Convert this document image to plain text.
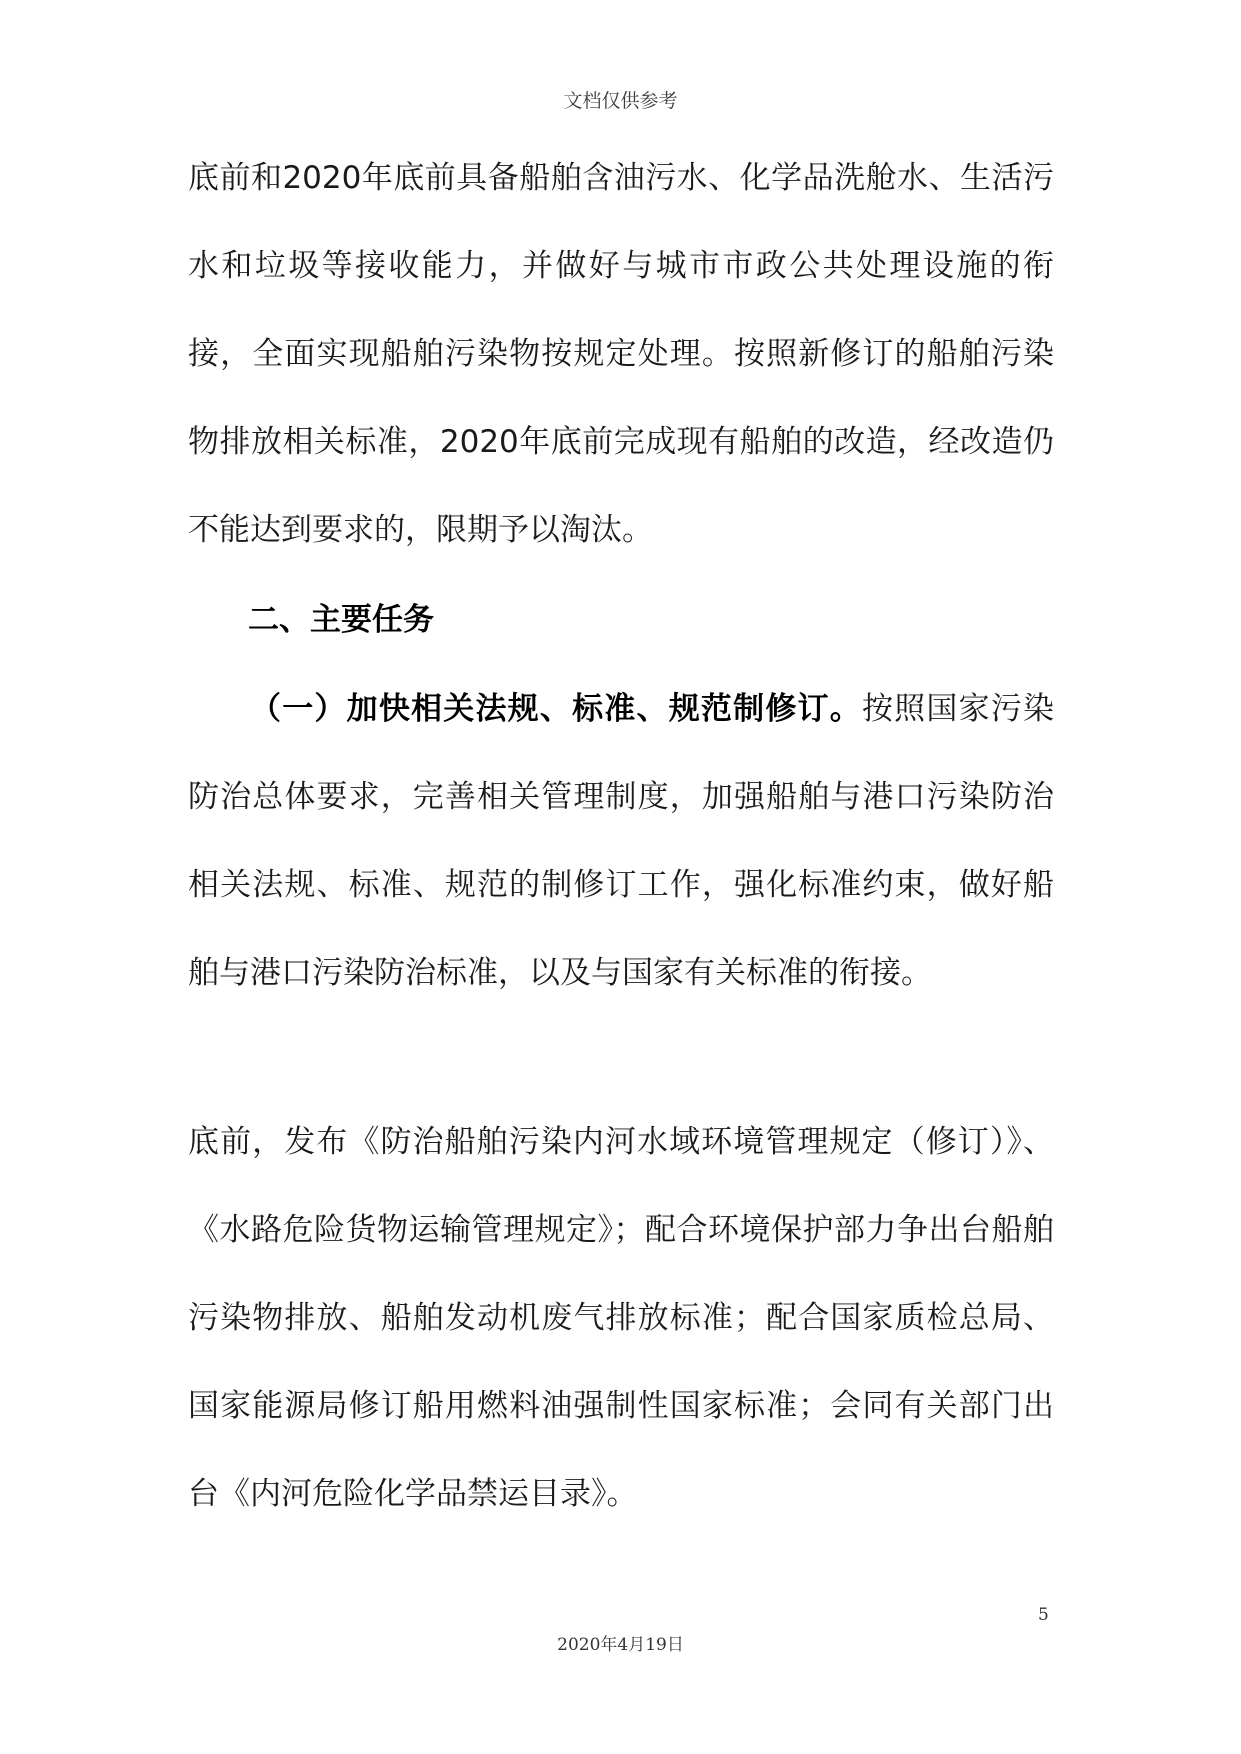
文档仅供参考

底前和2020年底前具备船舶含油污水、化学品洗舱水、生活污水和垃圾等接收能力，并做好与城市市政公共处理设施的衔接，全面实现船舶污染物按规定处理。按照新修订的船舶污染物排放相关标准，2020年底前完成现有船舶的改造，经改造仍不能达到要求的，限期予以淘汰。

二、主要任务

（一）加快相关法规、标准、规范制修订。按照国家污染防治总体要求，完善相关管理制度，加强船舶与港口污染防治相关法规、标准、规范的制修订工作，强化标准约束，做好船舶与港口污染防治标准，以及与国家有关标准的衔接。

底前，发布《防治船舶污染内河水域环境管理规定（修订）》、《水路危险货物运输管理规定》；配合环境保护部力争出台船舶污染物排放、船舶发动机废气排放标准；配合国家质检总局、国家能源局修订船用燃料油强制性国家标准；会同有关部门出台《内河危险化学品禁运目录》。

5
2020年4月19日
